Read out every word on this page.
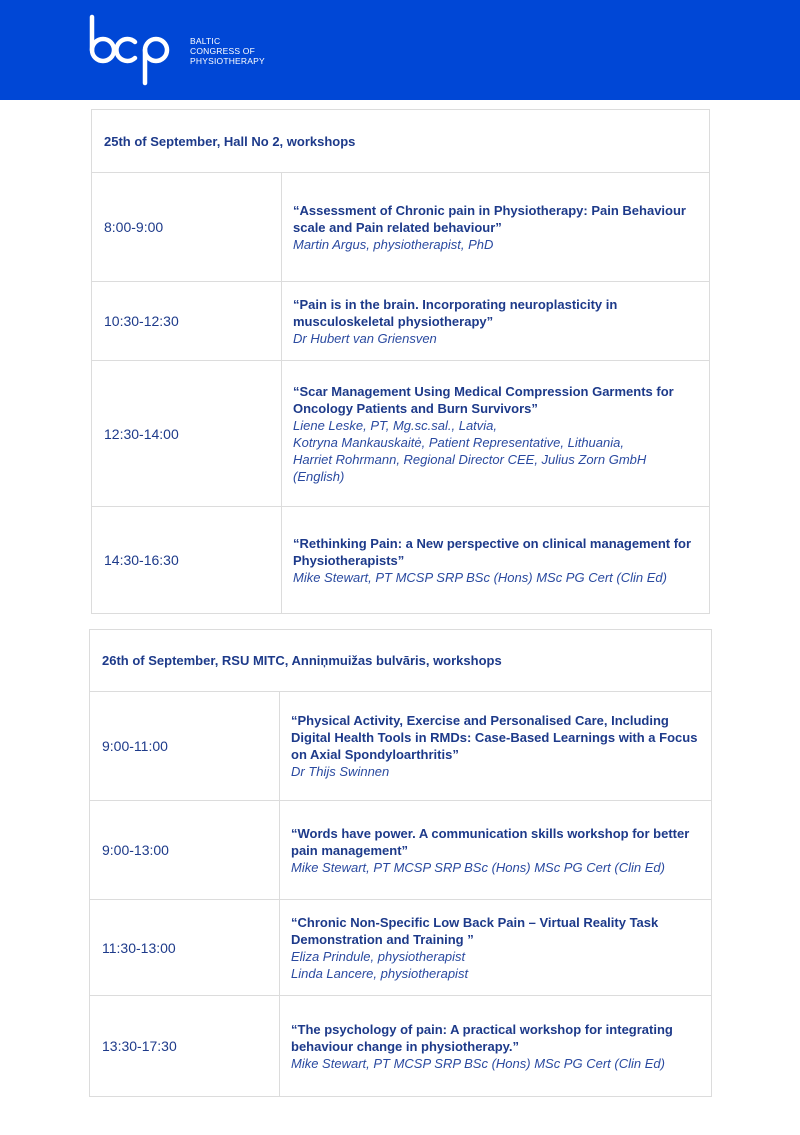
BALTIC
CONGRESS OF
PHYSIOTHERAPY
25th of September, Hall No 2, workshops	
8:00-9:00	“Assessment of Chronic pain in Physiotherapy: Pain Behaviour scale and Pain related behaviour”
Martin Argus, physiotherapist, PhD

10:30-12:30	“Pain is in the brain. Incorporating neuroplasticity in musculoskeletal physiotherapy”
Dr Hubert van Griensven

12:30-14:00	“Scar Management Using Medical Compression Garments for Oncology Patients and Burn Survivors”
Liene Leske, PT, Mg.sc.sal., Latvia,
Kotryna Mankauskaitė, Patient Representative, Lithuania,
Harriet Rohrmann, Regional Director CEE, Julius Zorn GmbH (English)

14:30-16:30	“Rethinking Pain: a New perspective on clinical management for Physiotherapists”
Mike Stewart, PT MCSP SRP BSc (Hons) MSc PG Cert (Clin Ed)
26th of September, RSU MITC, Anniņmuižas bulvāris, workshops	
9:00-11:00	“Physical Activity, Exercise and Personalised Care, Including Digital Health Tools in RMDs: Case-Based Learnings with a Focus on Axial Spondyloarthritis”
Dr Thijs Swinnen

9:00-13:00	“Words have power. A communication skills workshop for better pain management”
Mike Stewart, PT MCSP SRP BSc (Hons) MSc PG Cert (Clin Ed)

11:30-13:00	“Chronic Non-Specific Low Back Pain – Virtual Reality Task Demonstration and Training ”
Eliza Prindule, physiotherapist
Linda Lancere, physiotherapist

13:30-17:30	“The psychology of pain: A practical workshop for integrating behaviour change in physiotherapy.”
Mike Stewart, PT MCSP SRP BSc (Hons) MSc PG Cert (Clin Ed)
